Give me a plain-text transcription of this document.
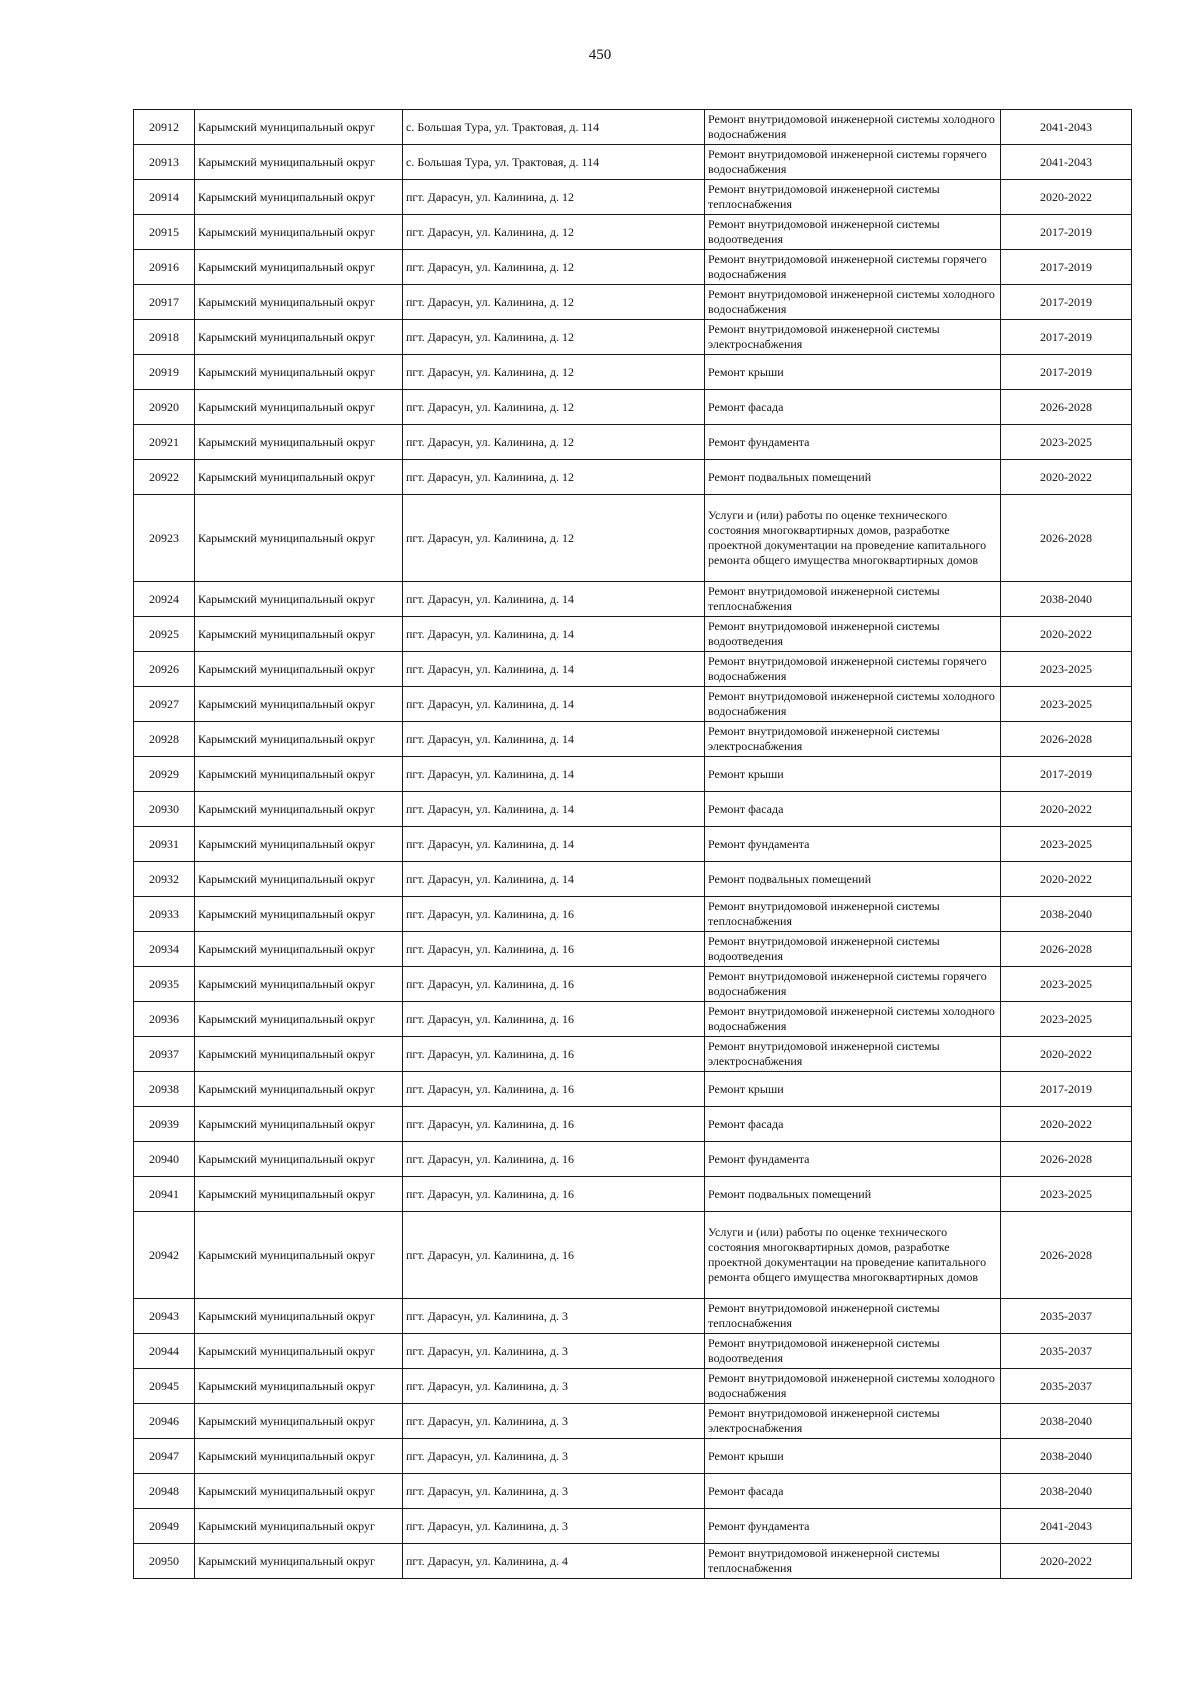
450
20912	Карымский муниципальный округ	с. Большая Тура, ул. Трактовая, д. 114	Ремонт внутридомовой инженерной системы холодного водоснабжения	2041-2043
20913	Карымский муниципальный округ	с. Большая Тура, ул. Трактовая, д. 114	Ремонт внутридомовой инженерной системы горячего водоснабжения	2041-2043
20914	Карымский муниципальный округ	пгт. Дарасун, ул. Калинина, д. 12	Ремонт внутридомовой инженерной системы теплоснабжения	2020-2022
20915	Карымский муниципальный округ	пгт. Дарасун, ул. Калинина, д. 12	Ремонт внутридомовой инженерной системы водоотведения	2017-2019
20916	Карымский муниципальный округ	пгт. Дарасун, ул. Калинина, д. 12	Ремонт внутридомовой инженерной системы горячего водоснабжения	2017-2019
20917	Карымский муниципальный округ	пгт. Дарасун, ул. Калинина, д. 12	Ремонт внутридомовой инженерной системы холодного водоснабжения	2017-2019
20918	Карымский муниципальный округ	пгт. Дарасун, ул. Калинина, д. 12	Ремонт внутридомовой инженерной системы электроснабжения	2017-2019
20919	Карымский муниципальный округ	пгт. Дарасун, ул. Калинина, д. 12	Ремонт крыши	2017-2019
20920	Карымский муниципальный округ	пгт. Дарасун, ул. Калинина, д. 12	Ремонт фасада	2026-2028
20921	Карымский муниципальный округ	пгт. Дарасун, ул. Калинина, д. 12	Ремонт фундамента	2023-2025
20922	Карымский муниципальный округ	пгт. Дарасун, ул. Калинина, д. 12	Ремонт подвальных помещений	2020-2022
20923	Карымский муниципальный округ	пгт. Дарасун, ул. Калинина, д. 12	Услуги и (или) работы по оценке технического состояния многоквартирных домов, разработке проектной документации на проведение капитального ремонта общего имущества многоквартирных домов	2026-2028
20924	Карымский муниципальный округ	пгт. Дарасун, ул. Калинина, д. 14	Ремонт внутридомовой инженерной системы теплоснабжения	2038-2040
20925	Карымский муниципальный округ	пгт. Дарасун, ул. Калинина, д. 14	Ремонт внутридомовой инженерной системы водоотведения	2020-2022
20926	Карымский муниципальный округ	пгт. Дарасун, ул. Калинина, д. 14	Ремонт внутридомовой инженерной системы горячего водоснабжения	2023-2025
20927	Карымский муниципальный округ	пгт. Дарасун, ул. Калинина, д. 14	Ремонт внутридомовой инженерной системы холодного водоснабжения	2023-2025
20928	Карымский муниципальный округ	пгт. Дарасун, ул. Калинина, д. 14	Ремонт внутридомовой инженерной системы электроснабжения	2026-2028
20929	Карымский муниципальный округ	пгт. Дарасун, ул. Калинина, д. 14	Ремонт крыши	2017-2019
20930	Карымский муниципальный округ	пгт. Дарасун, ул. Калинина, д. 14	Ремонт фасада	2020-2022
20931	Карымский муниципальный округ	пгт. Дарасун, ул. Калинина, д. 14	Ремонт фундамента	2023-2025
20932	Карымский муниципальный округ	пгт. Дарасун, ул. Калинина, д. 14	Ремонт подвальных помещений	2020-2022
20933	Карымский муниципальный округ	пгт. Дарасун, ул. Калинина, д. 16	Ремонт внутридомовой инженерной системы теплоснабжения	2038-2040
20934	Карымский муниципальный округ	пгт. Дарасун, ул. Калинина, д. 16	Ремонт внутридомовой инженерной системы водоотведения	2026-2028
20935	Карымский муниципальный округ	пгт. Дарасун, ул. Калинина, д. 16	Ремонт внутридомовой инженерной системы горячего водоснабжения	2023-2025
20936	Карымский муниципальный округ	пгт. Дарасун, ул. Калинина, д. 16	Ремонт внутридомовой инженерной системы холодного водоснабжения	2023-2025
20937	Карымский муниципальный округ	пгт. Дарасун, ул. Калинина, д. 16	Ремонт внутридомовой инженерной системы электроснабжения	2020-2022
20938	Карымский муниципальный округ	пгт. Дарасун, ул. Калинина, д. 16	Ремонт крыши	2017-2019
20939	Карымский муниципальный округ	пгт. Дарасун, ул. Калинина, д. 16	Ремонт фасада	2020-2022
20940	Карымский муниципальный округ	пгт. Дарасун, ул. Калинина, д. 16	Ремонт фундамента	2026-2028
20941	Карымский муниципальный округ	пгт. Дарасун, ул. Калинина, д. 16	Ремонт подвальных помещений	2023-2025
20942	Карымский муниципальный округ	пгт. Дарасун, ул. Калинина, д. 16	Услуги и (или) работы по оценке технического состояния многоквартирных домов, разработке проектной документации на проведение капитального ремонта общего имущества многоквартирных домов	2026-2028
20943	Карымский муниципальный округ	пгт. Дарасун, ул. Калинина, д. 3	Ремонт внутридомовой инженерной системы теплоснабжения	2035-2037
20944	Карымский муниципальный округ	пгт. Дарасун, ул. Калинина, д. 3	Ремонт внутридомовой инженерной системы водоотведения	2035-2037
20945	Карымский муниципальный округ	пгт. Дарасун, ул. Калинина, д. 3	Ремонт внутридомовой инженерной системы холодного водоснабжения	2035-2037
20946	Карымский муниципальный округ	пгт. Дарасун, ул. Калинина, д. 3	Ремонт внутридомовой инженерной системы электроснабжения	2038-2040
20947	Карымский муниципальный округ	пгт. Дарасун, ул. Калинина, д. 3	Ремонт крыши	2038-2040
20948	Карымский муниципальный округ	пгт. Дарасун, ул. Калинина, д. 3	Ремонт фасада	2038-2040
20949	Карымский муниципальный округ	пгт. Дарасун, ул. Калинина, д. 3	Ремонт фундамента	2041-2043
20950	Карымский муниципальный округ	пгт. Дарасун, ул. Калинина, д. 4	Ремонт внутридомовой инженерной системы теплоснабжения	2020-2022
